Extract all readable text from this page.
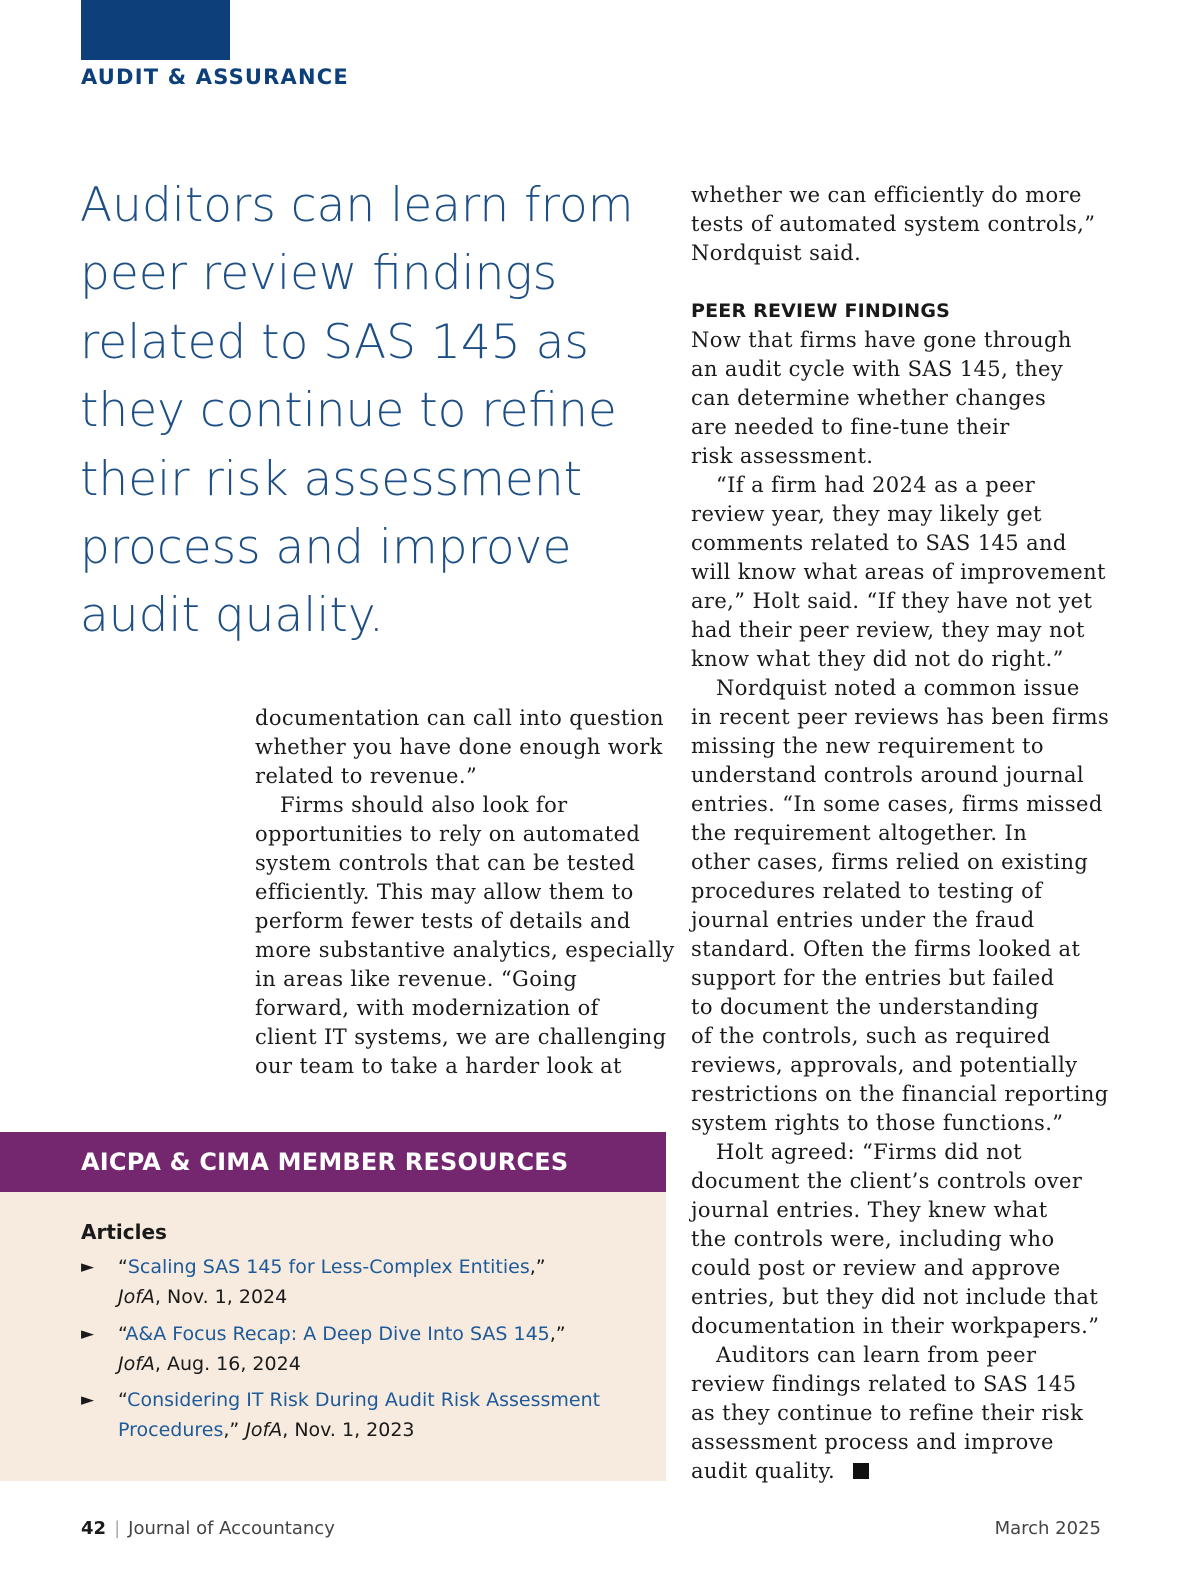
AUDIT & ASSURANCE
Auditors can learn from
peer review findings
related to SAS 145 as
they continue to refine
their risk assessment
process and improve
audit quality.

documentation can call into question
whether you have done enough work
related to revenue.”

Firms should also look for
opportunities to rely on automated
system controls that can be tested
efficiently. This may allow them to
perform fewer tests of details and
more substantive analytics, especially
in areas like revenue. “Going
forward, with modernization of
client IT systems, we are challenging
our team to take a harder look at

whether we can efficiently do more
tests of automated system controls,”
Nordquist said.

PEER REVIEW FINDINGS

Now that firms have gone through
an audit cycle with SAS 145, they
can determine whether changes
are needed to fine-tune their
risk assessment.

“If a firm had 2024 as a peer
review year, they may likely get
comments related to SAS 145 and
will know what areas of improvement
are,” Holt said. “If they have not yet
had their peer review, they may not
know what they did not do right.”

Nordquist noted a common issue
in recent peer reviews has been firms
missing the new requirement to
understand controls around journal
entries. “In some cases, firms missed
the requirement altogether. In
other cases, firms relied on existing
procedures related to testing of
journal entries under the fraud
standard. Often the firms looked at
support for the entries but failed
to document the understanding
of the controls, such as required
reviews, approvals, and potentially
restrictions on the financial reporting
system rights to those functions.”

Holt agreed: “Firms did not
document the client’s controls over
journal entries. They knew what
the controls were, including who
could post or review and approve
entries, but they did not include that
documentation in their workpapers.”

Auditors can learn from peer
review findings related to SAS 145
as they continue to refine their risk
assessment process and improve
audit quality.

AICPA & CIMA MEMBER RESOURCES
Articles
► “Scaling SAS 145 for Less-Complex Entities,”
JofA, Nov. 1, 2024
► “A&A Focus Recap: A Deep Dive Into SAS 145,”
JofA, Aug. 16, 2024
► “Considering IT Risk During Audit Risk Assessment Procedures,” JofA, Nov. 1, 2023
42 | Journal of Accountancy	March 2025
